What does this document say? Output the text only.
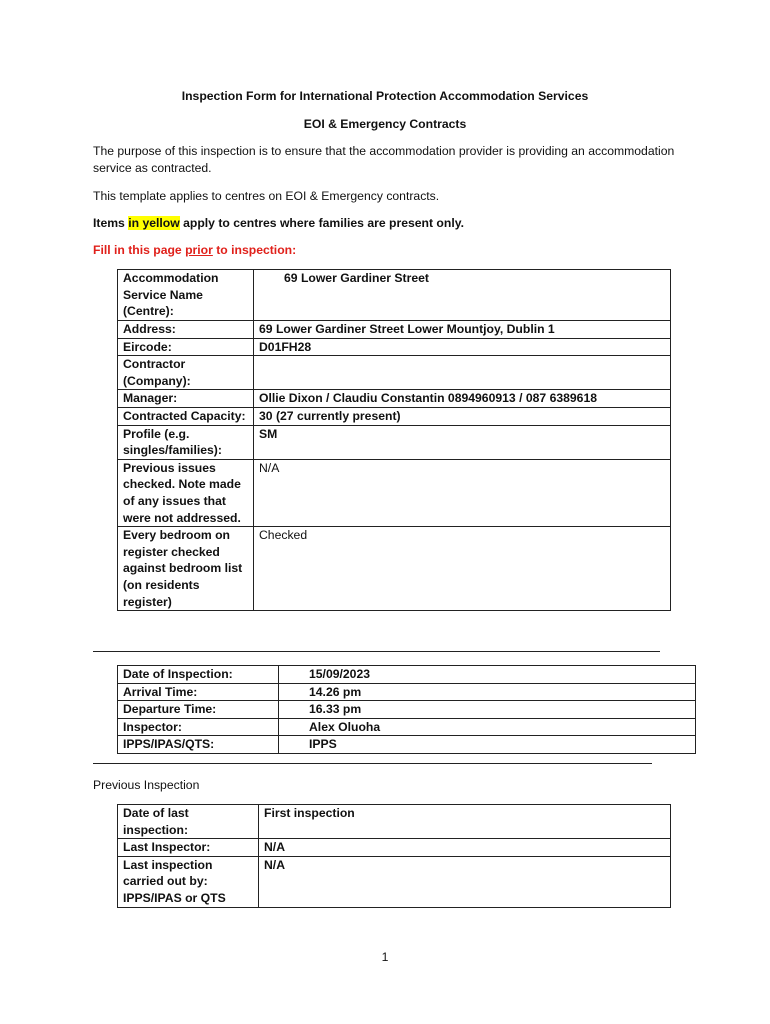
Inspection Form for International Protection Accommodation Services
EOI & Emergency Contracts
The purpose of this inspection is to ensure that the accommodation provider is providing an accommodation service as contracted.
This template applies to centres on EOI & Emergency contracts.
Items in yellow apply to centres where families are present only.
Fill in this page prior to inspection:
Accommodation Service Name (Centre):	69 Lower Gardiner Street
Address:	69 Lower Gardiner Street Lower Mountjoy, Dublin 1
Eircode:	D01FH28
Contractor (Company):	
Manager:	Ollie Dixon / Claudiu Constantin 0894960913 / 087 6389618
Contracted Capacity:	30 (27 currently present)
Profile (e.g. singles/families):	SM
Previous issues checked. Note made of any issues that were not addressed.	N/A
Every bedroom on register checked against bedroom list (on residents register)	Checked
Date of Inspection:	15/09/2023
Arrival Time:	14.26 pm
Departure Time:	16.33 pm
Inspector:	Alex Oluoha
IPPS/IPAS/QTS:	IPPS
Previous Inspection
Date of last inspection:	First inspection
Last Inspector:	N/A
Last inspection carried out by: IPPS/IPAS or QTS	N/A
1
